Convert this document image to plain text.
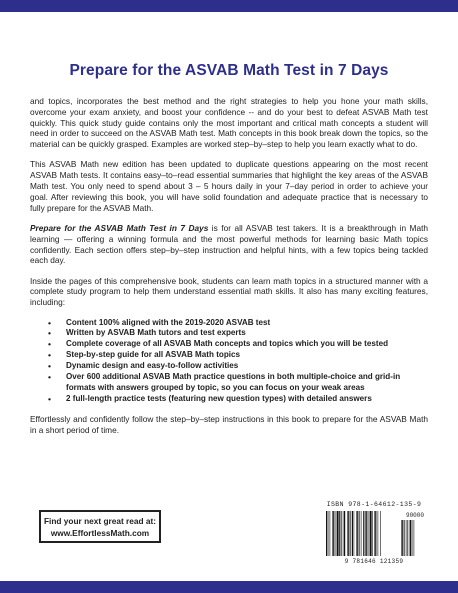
Prepare for the ASVAB Math Test in 7 Days

and topics, incorporates the best method and the right strategies to help you hone your math skills, overcome your exam anxiety, and boost your confidence -- and do your best to defeat ASVAB Math test quickly. This quick study guide contains only the most important and critical math concepts a student will need in order to succeed on the ASVAB Math test. Math concepts in this book break down the topics, so the material can be quickly grasped. Examples are worked step–by–step to help you learn exactly what to do.

This ASVAB Math new edition has been updated to duplicate questions appearing on the most recent ASVAB Math tests. It contains easy–to–read essential summaries that highlight the key areas of the ASVAB Math test. You only need to spend about 3 – 5 hours daily in your 7–day period in order to achieve your goal. After reviewing this book, you will have solid foundation and adequate practice that is necessary to fully prepare for the ASVAB Math.

Prepare for the ASVAB Math Test in 7 Days is for all ASVAB test takers. It is a breakthrough in Math learning — offering a winning formula and the most powerful methods for learning basic Math topics confidently. Each section offers step–by–step instruction and helpful hints, with a few topics being tackled each day.

Inside the pages of this comprehensive book, students can learn math topics in a structured manner with a complete study program to help them understand essential math skills. It also has many exciting features, including:

• Content 100% aligned with the 2019-2020 ASVAB test
• Written by ASVAB Math tutors and test experts
• Complete coverage of all ASVAB Math concepts and topics which you will be tested
• Step-by-step guide for all ASVAB Math topics
• Dynamic design and easy-to-follow activities
• Over 600 additional ASVAB Math practice questions in both multiple-choice and grid-in formats with answers grouped by topic, so you can focus on your weak areas
• 2 full-length practice tests (featuring new question types) with detailed answers

Effortlessly and confidently follow the step–by–step instructions in this book to prepare for the ASVAB Math in a short period of time.

Find your next great read at:
www.EffortlessMath.com
ISBN 978-1-64612-135-9
90000
9 781646 121359
